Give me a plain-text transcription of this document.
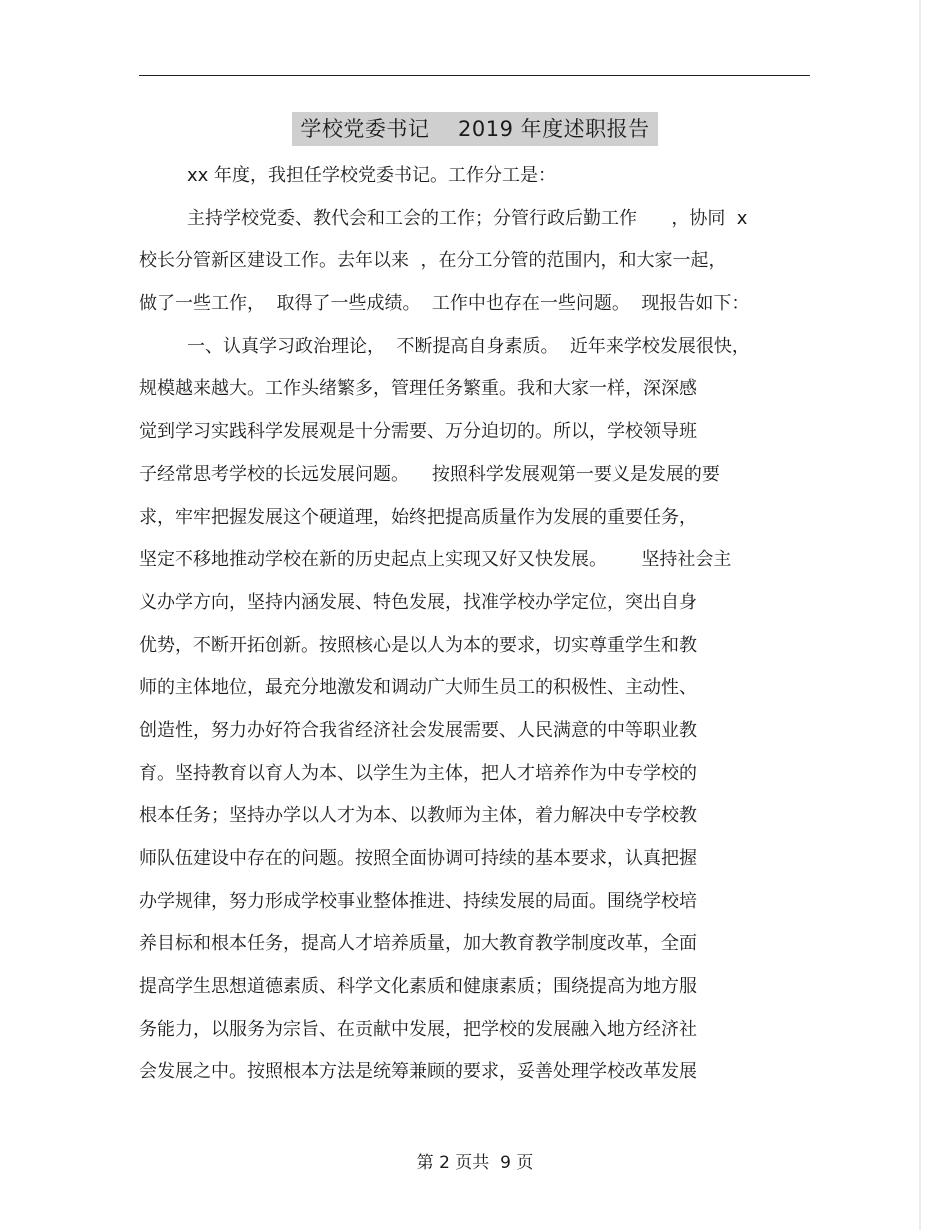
学校党委书记    2019 年度述职报告
xx 年度，我担任学校党委书记。工作分工是：
主持学校党委、教代会和工会的工作；分管行政后勤工作      ，协同  x
校长分管新区建设工作。去年以来  ，在分工分管的范围内，和大家一起，
做了一些工作，  取得了一些成绩。  工作中也存在一些问题。  现报告如下：
一、认真学习政治理论，  不断提高自身素质。  近年来学校发展很快，
规模越来越大。工作头绪繁多，管理任务繁重。我和大家一样，深深感
觉到学习实践科学发展观是十分需要、万分迫切的。所以，学校领导班
子经常思考学校的长远发展问题。    按照科学发展观第一要义是发展的要
求，牢牢把握发展这个硬道理，始终把提高质量作为发展的重要任务，
坚定不移地推动学校在新的历史起点上实现又好又快发展。      坚持社会主
义办学方向，坚持内涵发展、特色发展，找准学校办学定位，突出自身
优势，不断开拓创新。按照核心是以人为本的要求，切实尊重学生和教
师的主体地位，最充分地激发和调动广大师生员工的积极性、主动性、
创造性，努力办好符合我省经济社会发展需要、人民满意的中等职业教
育。坚持教育以育人为本、以学生为主体，把人才培养作为中专学校的
根本任务；坚持办学以人才为本、以教师为主体，着力解决中专学校教
师队伍建设中存在的问题。按照全面协调可持续的基本要求，认真把握
办学规律，努力形成学校事业整体推进、持续发展的局面。围绕学校培
养目标和根本任务，提高人才培养质量，加大教育教学制度改革，全面
提高学生思想道德素质、科学文化素质和健康素质；围绕提高为地方服
务能力，以服务为宗旨、在贡献中发展，把学校的发展融入地方经济社
会发展之中。按照根本方法是统筹兼顾的要求，妥善处理学校改革发展
第 2 页共  9 页
